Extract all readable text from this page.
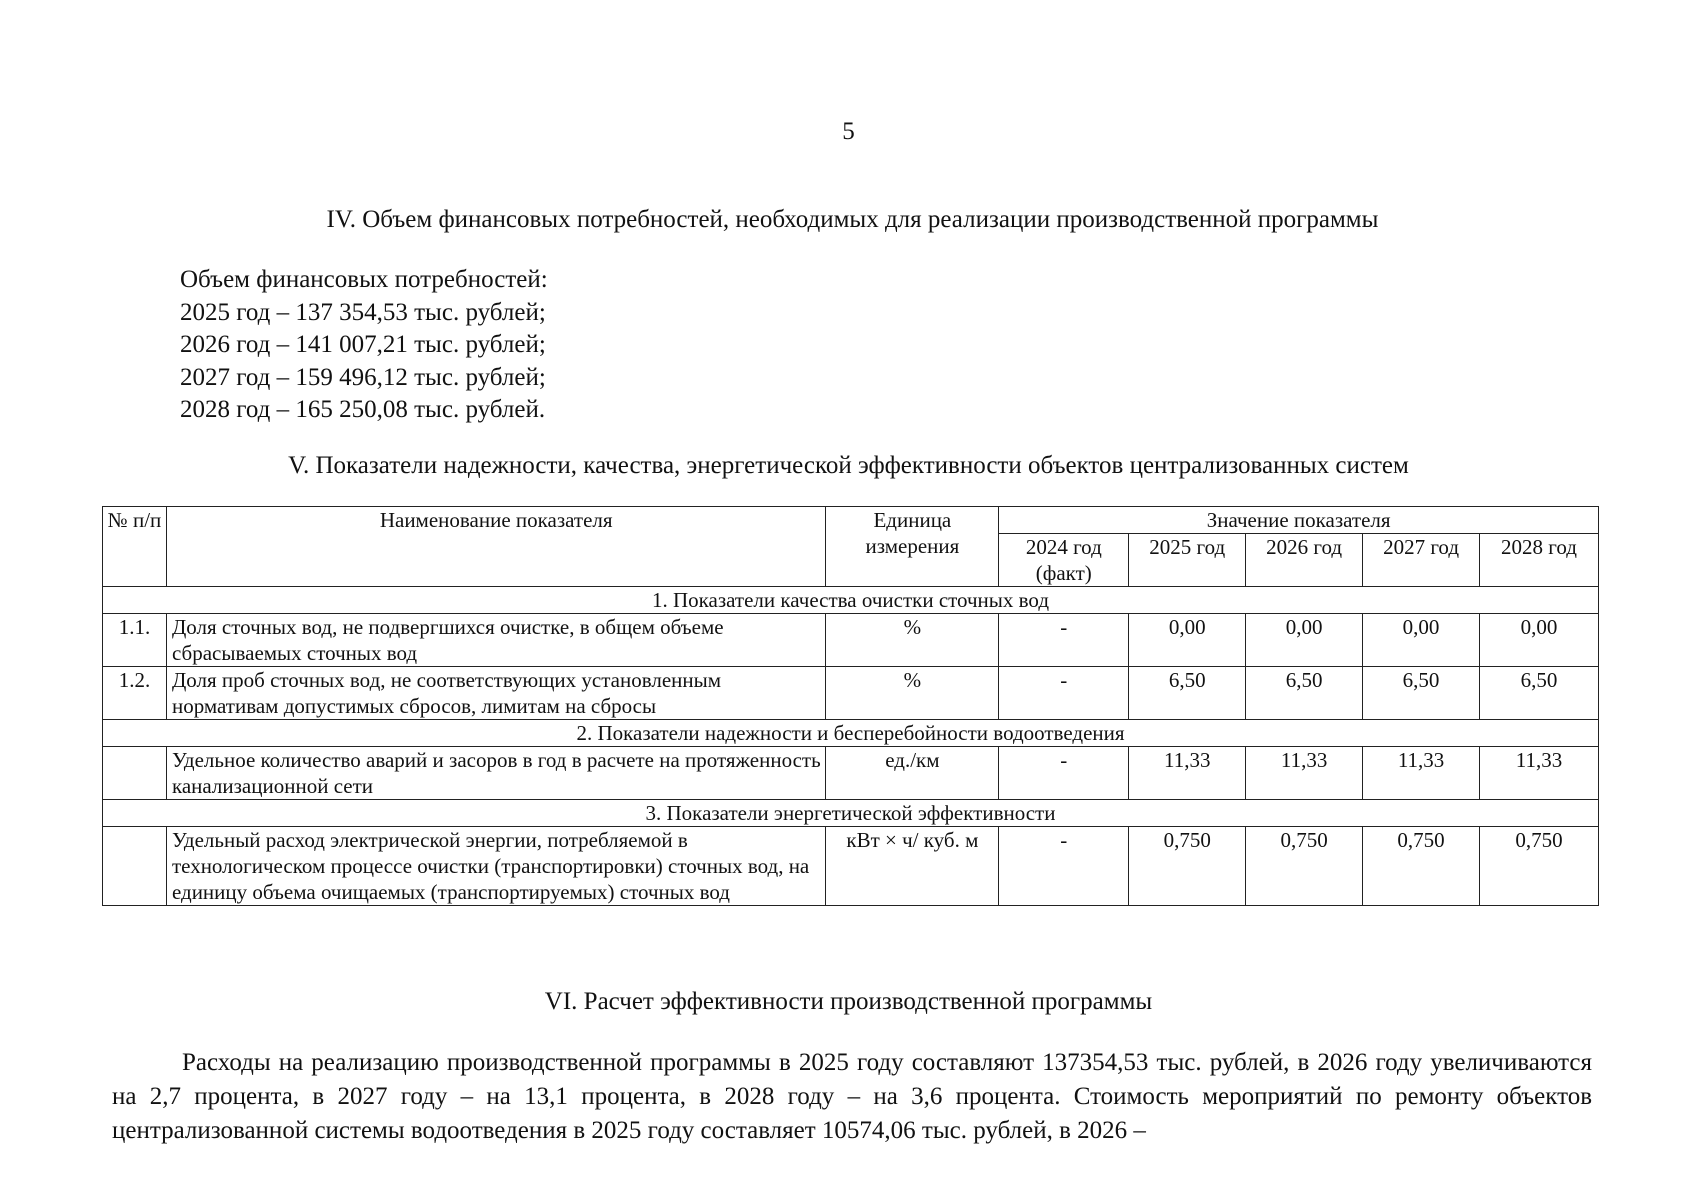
5
IV. Объем финансовых потребностей, необходимых для реализации производственной программы
Объем финансовых потребностей:
2025 год – 137 354,53 тыс. рублей;
2026 год – 141 007,21 тыс. рублей;
2027 год – 159 496,12 тыс. рублей;
2028 год – 165 250,08 тыс. рублей.
V. Показатели надежности, качества, энергетической эффективности объектов централизованных систем
№ п/п	Наименование показателя	Единица измерения	Значение показателя				
			2024 год (факт)	2025 год	2026 год	2027 год	2028 год
1. Показатели качества очистки сточных вод							
1.1.	Доля сточных вод, не подвергшихся очистке, в общем объеме сбрасываемых сточных вод	%	-	0,00	0,00	0,00	0,00
1.2.	Доля проб сточных вод, не соответствующих установленным нормативам допустимых сбросов, лимитам на сбросы	%	-	6,50	6,50	6,50	6,50
2. Показатели надежности и бесперебойности водоотведения							
	Удельное количество аварий и засоров в год в расчете на протяженность канализационной сети	ед./км	-	11,33	11,33	11,33	11,33
3. Показатели энергетической эффективности							
	Удельный расход электрической энергии, потребляемой в технологическом процессе очистки (транспортировки) сточных вод, на единицу объема очищаемых (транспортируемых) сточных вод	кВт × ч/ куб. м	-	0,750	0,750	0,750	0,750
VI. Расчет эффективности производственной программы

Расходы на реализацию производственной программы в 2025 году составляют 137354,53 тыс. рублей, в 2026 году увеличиваются на 2,7 процента, в 2027 году – на 13,1 процента, в 2028 году – на 3,6 процента. Стоимость мероприятий по ремонту объектов централизованной системы водоотведения в 2025 году составляет 10574,06 тыс. рублей, в 2026 –
